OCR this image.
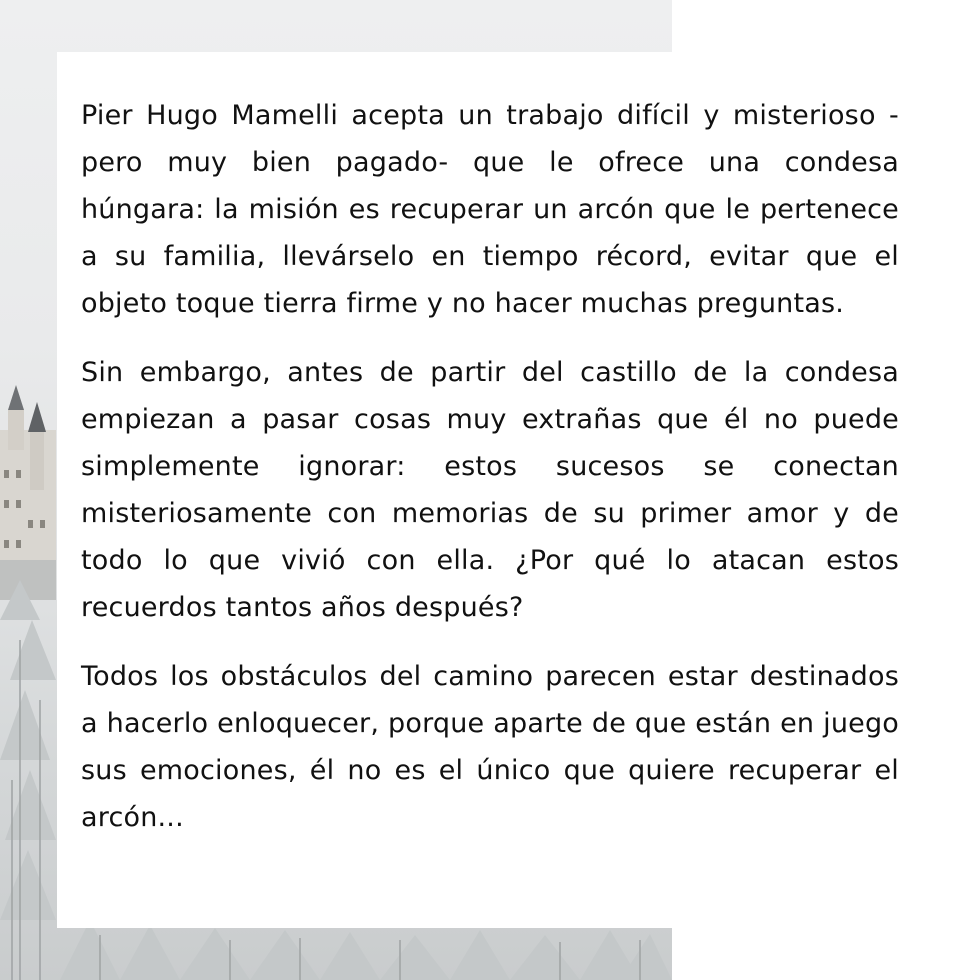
Pier Hugo Mamelli acepta un trabajo difícil y misterioso -pero muy bien pagado- que le ofrece una condesa húngara: la misión es recuperar un arcón que le pertenece a su familia, llevárselo en tiempo récord, evitar que el objeto toque tierra firme y no hacer muchas preguntas.

Sin embargo, antes de partir del castillo de la condesa empiezan a pasar cosas muy extrañas que él no puede simplemente ignorar: estos sucesos se conectan misteriosamente con memorias de su primer amor y de todo lo que vivió con ella. ¿Por qué lo atacan estos recuerdos tantos años después?

Todos los obstáculos del camino parecen estar destinados a hacerlo enloquecer, porque aparte de que están en juego sus emociones, él no es el único que quiere recuperar el arcón...
